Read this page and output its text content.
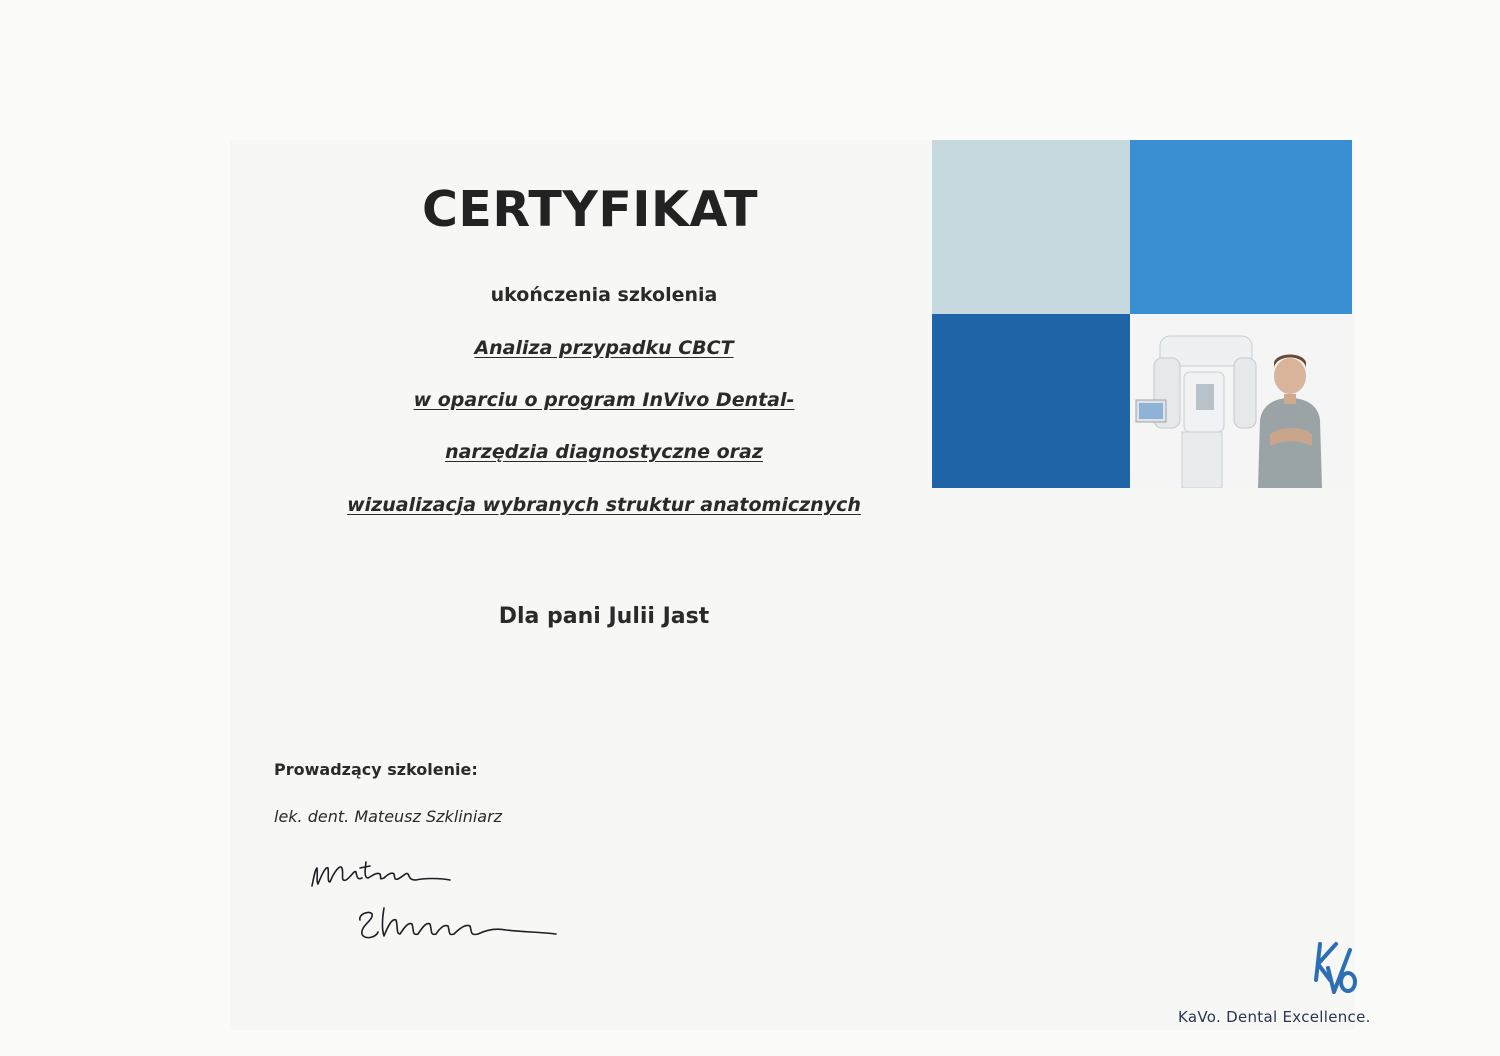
CERTYFIKAT
ukończenia szkolenia
Analiza przypadku CBCT
w oparciu o program InVivo Dental-
narzędzia diagnostyczne oraz
wizualizacja wybranych struktur anatomicznych
Dla pani Julii Jast
Prowadzący szkolenie:
lek. dent. Mateusz Szkliniarz
KaVo. Dental Excellence.
